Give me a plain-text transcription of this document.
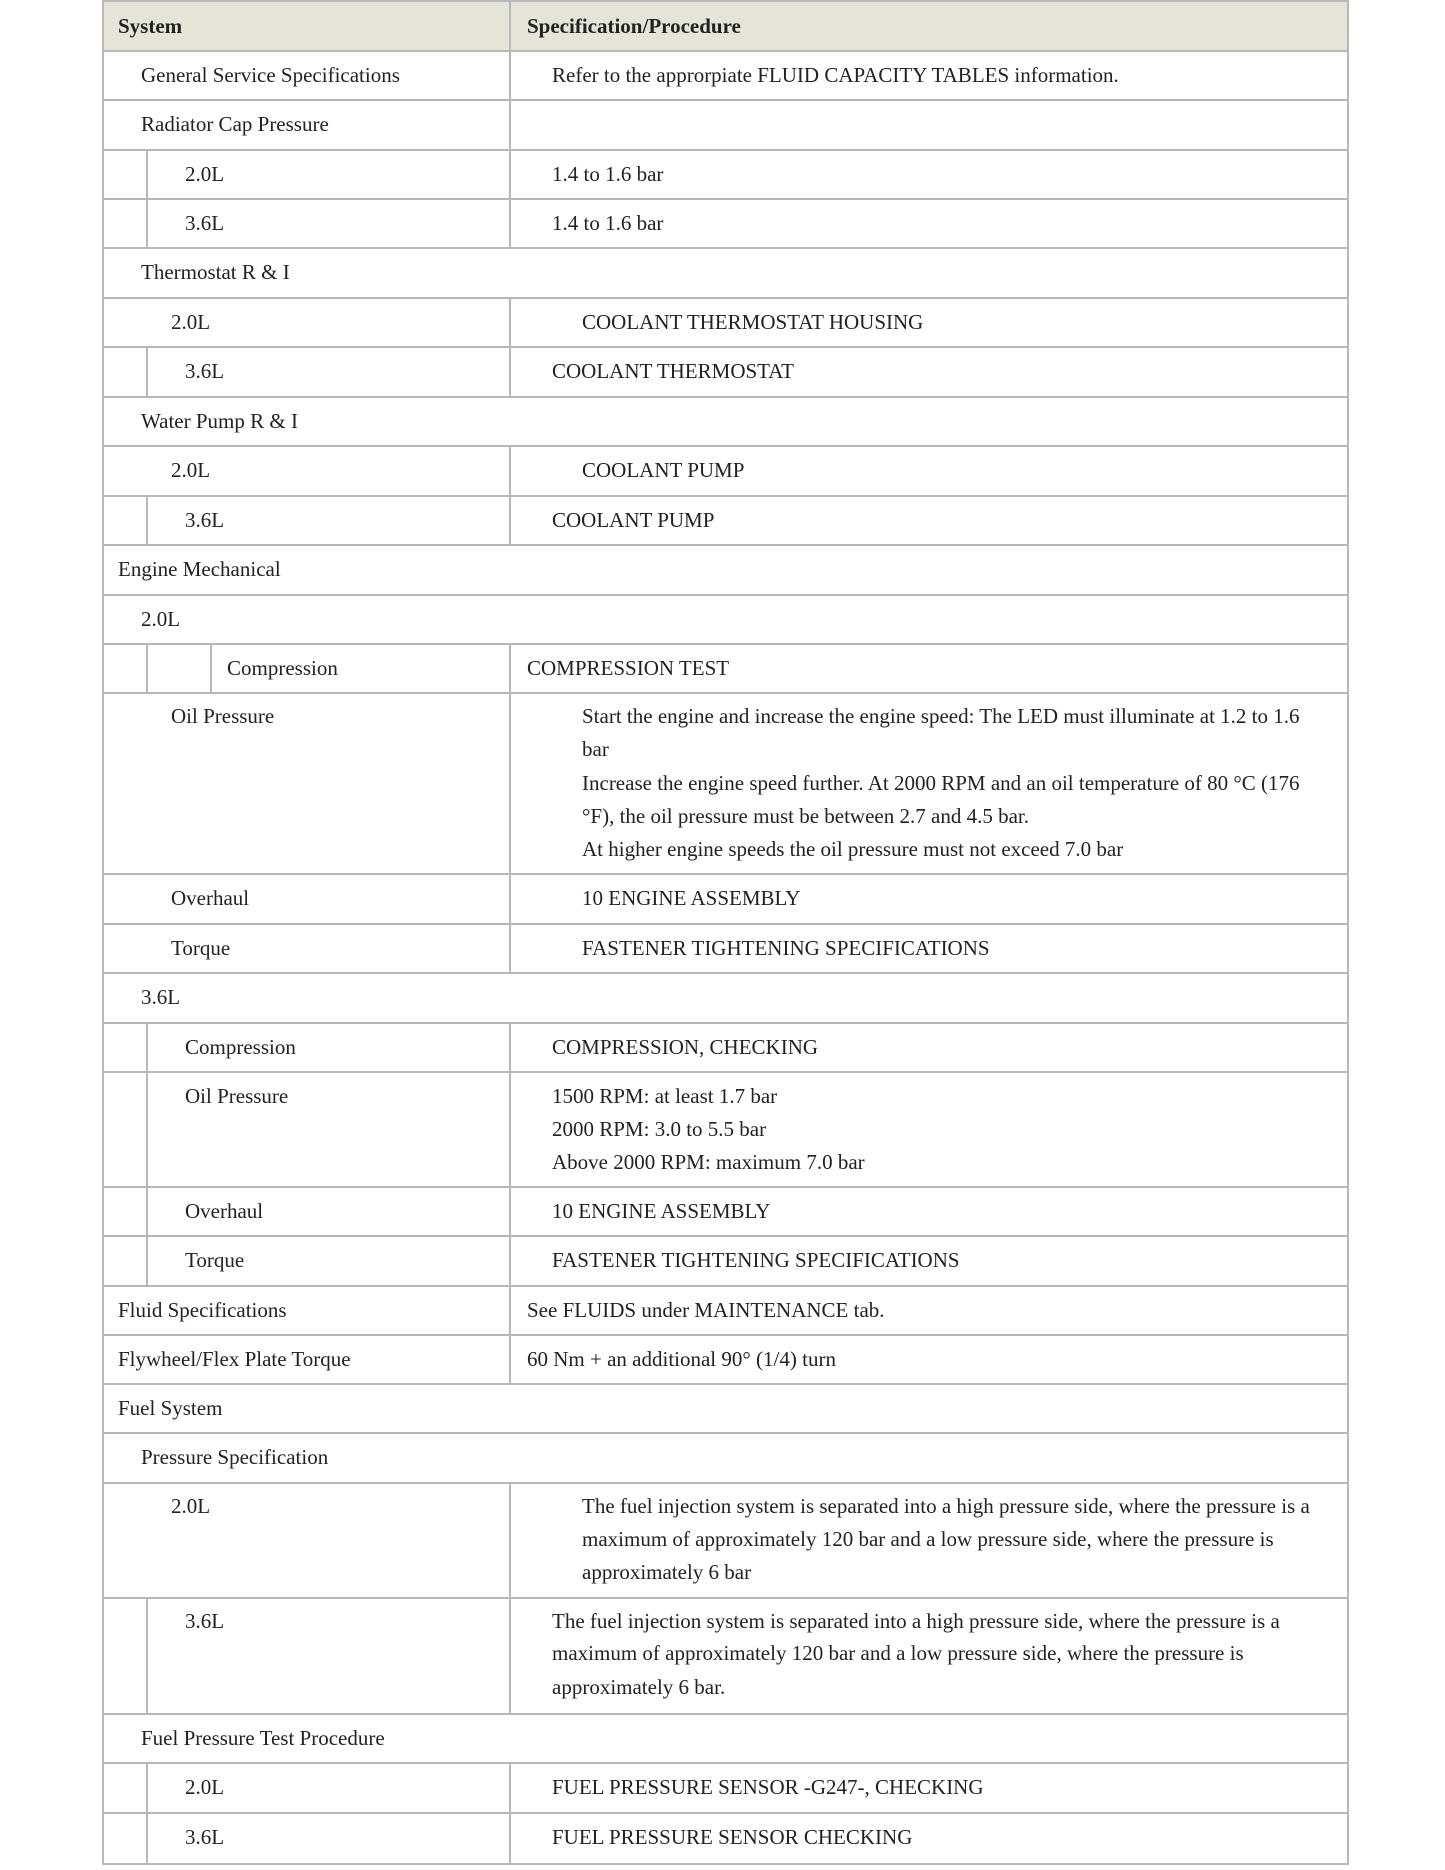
System	Specification/Procedure
General Service Specifications	Refer to the approrpiate FLUID CAPACITY TABLES information.
Radiator Cap Pressure
2.0L	1.4 to 1.6 bar
3.6L	1.4 to 1.6 bar
Thermostat R & I
2.0L	COOLANT THERMOSTAT HOUSING
3.6L	COOLANT THERMOSTAT
Water Pump R & I
2.0L	COOLANT PUMP
3.6L	COOLANT PUMP
Engine Mechanical
2.0L
Compression	COMPRESSION TEST
Oil Pressure	Start the engine and increase the engine speed: The LED must illuminate at 1.2 to 1.6
bar
Increase the engine speed further. At 2000 RPM and an oil temperature of 80 °C (176
°F), the oil pressure must be between 2.7 and 4.5 bar.
At higher engine speeds the oil pressure must not exceed 7.0 bar
Overhaul	10 ENGINE ASSEMBLY
Torque	FASTENER TIGHTENING SPECIFICATIONS
3.6L
Compression	COMPRESSION, CHECKING
Oil Pressure	1500 RPM: at least 1.7 bar
2000 RPM: 3.0 to 5.5 bar
Above 2000 RPM: maximum 7.0 bar
Overhaul	10 ENGINE ASSEMBLY
Torque	FASTENER TIGHTENING SPECIFICATIONS
Fluid Specifications	See FLUIDS under MAINTENANCE tab.
Flywheel/Flex Plate Torque	60 Nm + an additional 90° (1/4) turn
Fuel System
Pressure Specification
2.0L	The fuel injection system is separated into a high pressure side, where the pressure is a
maximum of approximately 120 bar and a low pressure side, where the pressure is
approximately 6 bar
3.6L	The fuel injection system is separated into a high pressure side, where the pressure is a
maximum of approximately 120 bar and a low pressure side, where the pressure is
approximately 6 bar.
Fuel Pressure Test Procedure
2.0L	FUEL PRESSURE SENSOR -G247-, CHECKING
3.6L	FUEL PRESSURE SENSOR CHECKING
